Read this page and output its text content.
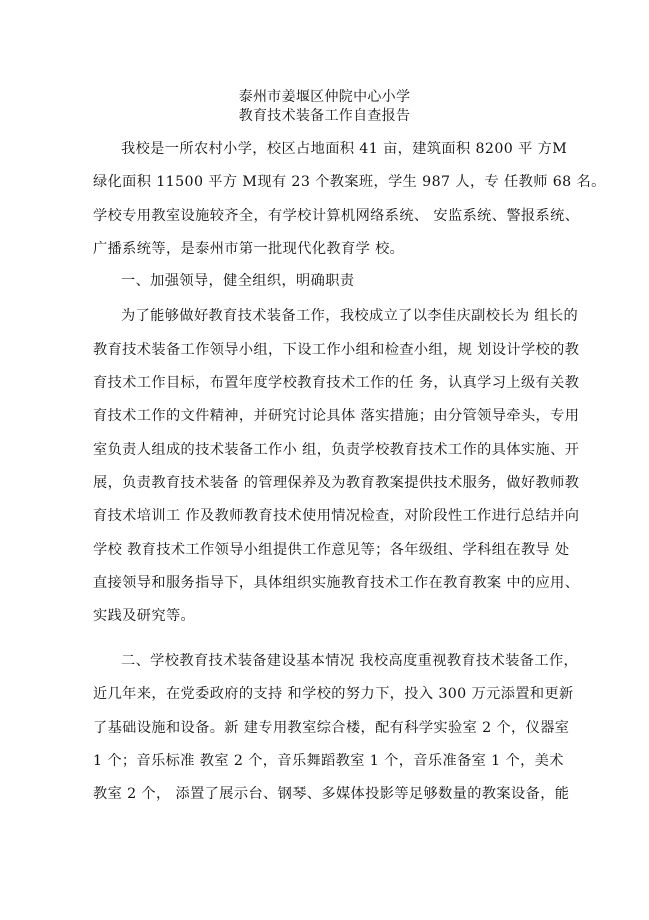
泰州市姜堰区仲院中心小学
教育技术装备工作自查报告
我校是一所农村小学，校区占地面积 41 亩，建筑面积 8200 平 方M
绿化面积 11500 平方 M现有 23 个教案班，学生 987 人，专 任教师 68 名。
学校专用教室设施较齐全，有学校计算机网络系统、 安监系统、警报系统、
广播系统等，是泰州市第一批现代化教育学 校。
一、加强领导，健全组织，明确职责
为了能够做好教育技术装备工作，我校成立了以李佳庆副校长为 组长的
教育技术装备工作领导小组，下设工作小组和检查小组，规 划设计学校的教
育技术工作目标，布置年度学校教育技术工作的任 务，认真学习上级有关教
育技术工作的文件精神，并研究讨论具体 落实措施；由分管领导牵头，专用
室负责人组成的技术装备工作小 组，负责学校教育技术工作的具体实施、开
展，负责教育技术装备 的管理保养及为教育教案提供技术服务，做好教师教
育技术培训工 作及教师教育技术使用情况检查，对阶段性工作进行总结并向
学校 教育技术工作领导小组提供工作意见等；各年级组、学科组在教导 处
直接领导和服务指导下，具体组织实施教育技术工作在教育教案 中的应用、
实践及研究等。
二、学校教育技术装备建设基本情况 我校高度重视教育技术装备工作，
近几年来，在党委政府的支持 和学校的努力下，投入 300 万元添置和更新
了基础设施和设备。新 建专用教室综合楼，配有科学实验室 2 个，仪器室
1 个；音乐标准 教室 2 个，音乐舞蹈教室 1 个，音乐准备室 1 个，美术
教室 2 个， 添置了展示台、钢琴、多媒体投影等足够数量的教案设备，能
